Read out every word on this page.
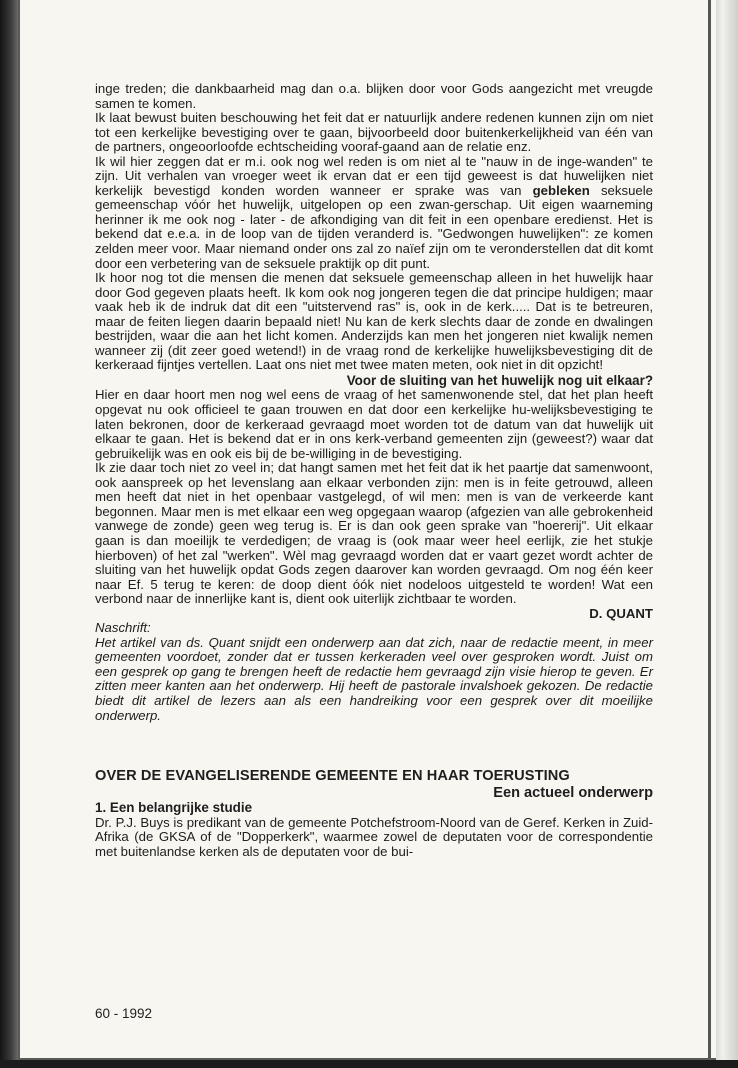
inge treden; die dankbaarheid mag dan o.a. blijken door voor Gods aangezicht met vreugde samen te komen.

Ik laat bewust buiten beschouwing het feit dat er natuurlijk andere redenen kunnen zijn om niet tot een kerkelijke bevestiging over te gaan, bijvoorbeeld door buitenkerkelijkheid van één van de partners, ongeoorloofde echtscheiding vooraf-gaand aan de relatie enz.

Ik wil hier zeggen dat er m.i. ook nog wel reden is om niet al te "nauw in de inge-wanden" te zijn. Uit verhalen van vroeger weet ik ervan dat er een tijd geweest is dat huwelijken niet kerkelijk bevestigd konden worden wanneer er sprake was van gebleken seksuele gemeenschap vóór het huwelijk, uitgelopen op een zwan-gerschap. Uit eigen waarneming herinner ik me ook nog - later - de afkondiging van dit feit in een openbare eredienst. Het is bekend dat e.e.a. in de loop van de tijden veranderd is. "Gedwongen huwelijken": ze komen zelden meer voor. Maar niemand onder ons zal zo naïef zijn om te veronderstellen dat dit komt door een verbetering van de seksuele praktijk op dit punt.

Ik hoor nog tot die mensen die menen dat seksuele gemeenschap alleen in het huwelijk haar door God gegeven plaats heeft. Ik kom ook nog jongeren tegen die dat principe huldigen; maar vaak heb ik de indruk dat dit een "uitstervend ras" is, ook in de kerk..... Dat is te betreuren, maar de feiten liegen daarin bepaald niet! Nu kan de kerk slechts daar de zonde en dwalingen bestrijden, waar die aan het licht komen. Anderzijds kan men het jongeren niet kwalijk nemen wanneer zij (dit zeer goed wetend!) in de vraag rond de kerkelijke huwelijksbevestiging dit de kerkeraad fijntjes vertellen. Laat ons niet met twee maten meten, ook niet in dit opzicht!

Voor de sluiting van het huwelijk nog uit elkaar?

Hier en daar hoort men nog wel eens de vraag of het samenwonende stel, dat het plan heeft opgevat nu ook officieel te gaan trouwen en dat door een kerkelijke hu-welijksbevestiging te laten bekronen, door de kerkeraad gevraagd moet worden tot de datum van dat huwelijk uit elkaar te gaan. Het is bekend dat er in ons kerk-verband gemeenten zijn (geweest?) waar dat gebruikelijk was en ook eis bij de be-williging in de bevestiging.

Ik zie daar toch niet zo veel in; dat hangt samen met het feit dat ik het paartje dat samenwoont, ook aanspreek op het levenslang aan elkaar verbonden zijn: men is in feite getrouwd, alleen men heeft dat niet in het openbaar vastgelegd, of wil men: men is van de verkeerde kant begonnen. Maar men is met elkaar een weg opgegaan waarop (afgezien van alle gebrokenheid vanwege de zonde) geen weg terug is. Er is dan ook geen sprake van "hoererij". Uit elkaar gaan is dan moeilijk te verdedigen; de vraag is (ook maar weer heel eerlijk, zie het stukje hierboven) of het zal "werken". Wèl mag gevraagd worden dat er vaart gezet wordt achter de sluiting van het huwelijk opdat Gods zegen daarover kan worden gevraagd. Om nog één keer naar Ef. 5 terug te keren: de doop dient óók niet nodeloos uitgesteld te worden! Wat een verbond naar de innerlijke kant is, dient ook uiterlijk zichtbaar te worden.

D. QUANT

Naschrift:

Het artikel van ds. Quant snijdt een onderwerp aan dat zich, naar de redactie meent, in meer gemeenten voordoet, zonder dat er tussen kerkeraden veel over gesproken wordt. Juist om een gesprek op gang te brengen heeft de redactie hem gevraagd zijn visie hierop te geven. Er zitten meer kanten aan het onderwerp. Hij heeft de pastorale invalshoek gekozen. De redactie biedt dit artikel de lezers aan als een handreiking voor een gesprek over dit moeilijke onderwerp.

OVER DE EVANGELISERENDE GEMEENTE EN HAAR TOERUSTING
Een actueel onderwerp

1. Een belangrijke studie

Dr. P.J. Buys is predikant van de gemeente Potchefstroom-Noord van de Geref. Kerken in Zuid-Afrika (de GKSA of de "Dopperkerk", waarmee zowel de deputaten voor de correspondentie met buitenlandse kerken als de deputaten voor de bui-

60 - 1992
